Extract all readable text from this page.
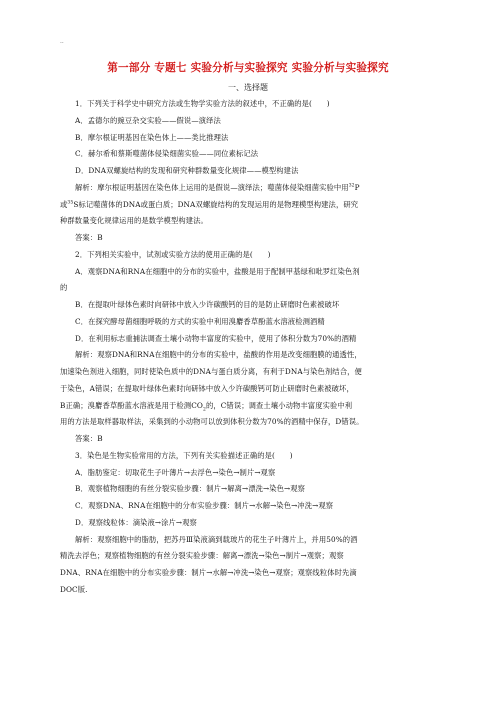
..
第一部分 专题七 实验分析与实验探究 实验分析与实验探究
一、选择题

1．下列关于科学史中研究方法或生物学实验方法的叙述中，不正确的是(　　)

A．孟德尔的豌豆杂交实验——假说—演绎法

B．摩尔根证明基因在染色体上——类比推理法

C．赫尔希和蔡斯噬菌体侵染细菌实验——同位素标记法

D．DNA双螺旋结构的发现和研究种群数量变化规律——模型构建法

解析：摩尔根证明基因在染色体上运用的是假说—演绎法；噬菌体侵染细菌实验中用$^{32}$P

或$^{35}$S标记噬菌体的DNA或蛋白质；DNA双螺旋结构的发现运用的是物理模型构建法，研究

种群数量变化规律运用的是数学模型构建法。

答案：B

2．下列相关实验中，试剂或实验方法的使用正确的是(　　)

A．观察DNA和RNA在细胞中的分布的实验中，盐酸是用于配制甲基绿和吡罗红染色剂

的

B．在提取叶绿体色素时向研钵中放入少许碳酸钙的目的是防止研磨时色素被破坏

C．在探究酵母菌细胞呼吸的方式的实验中利用溴麝香草酚蓝水溶液检测酒精

D．在利用标志重捕法调查土壤小动物丰富度的实验中，使用了体积分数为70%的酒精

解析：观察DNA和RNA在细胞中的分布的实验中，盐酸的作用是改变细胞膜的通透性，

加速染色剂进入细胞，同时使染色质中的DNA与蛋白质分离，有利于DNA与染色剂结合，便

于染色，A错误；在提取叶绿体色素时向研钵中放入少许碳酸钙可防止研磨时色素被破坏，

B正确；溴麝香草酚蓝水溶液是用于检测$CO_2$的，C错误；调查土壤小动物丰富度实验中利

用的方法是取样器取样法，采集到的小动物可以放到体积分数为70%的酒精中保存，D错误。

答案：B

3．染色是生物实验常用的方法，下列有关实验描述正确的是(　　)

A．脂肪鉴定：切取花生子叶薄片→去浮色→染色→制片→观察

B．观察植物细胞的有丝分裂实验步骤：制片→解离→漂洗→染色→观察

C．观察DNA、RNA在细胞中的分布实验步骤：制片→水解→染色→冲洗→观察

D．观察线粒体：滴染液→涂片→观察

解析：观察细胞中的脂肪，把苏丹Ⅲ染液滴到载玻片的花生子叶薄片上，并用50%的酒

精洗去浮色；观察植物细胞的有丝分裂实验步骤：解离→漂洗→染色→制片→观察；观察

DNA、RNA在细胞中的分布实验步骤：制片→水解→冲洗→染色→观察；观察线粒体时先滴

DOC版.
